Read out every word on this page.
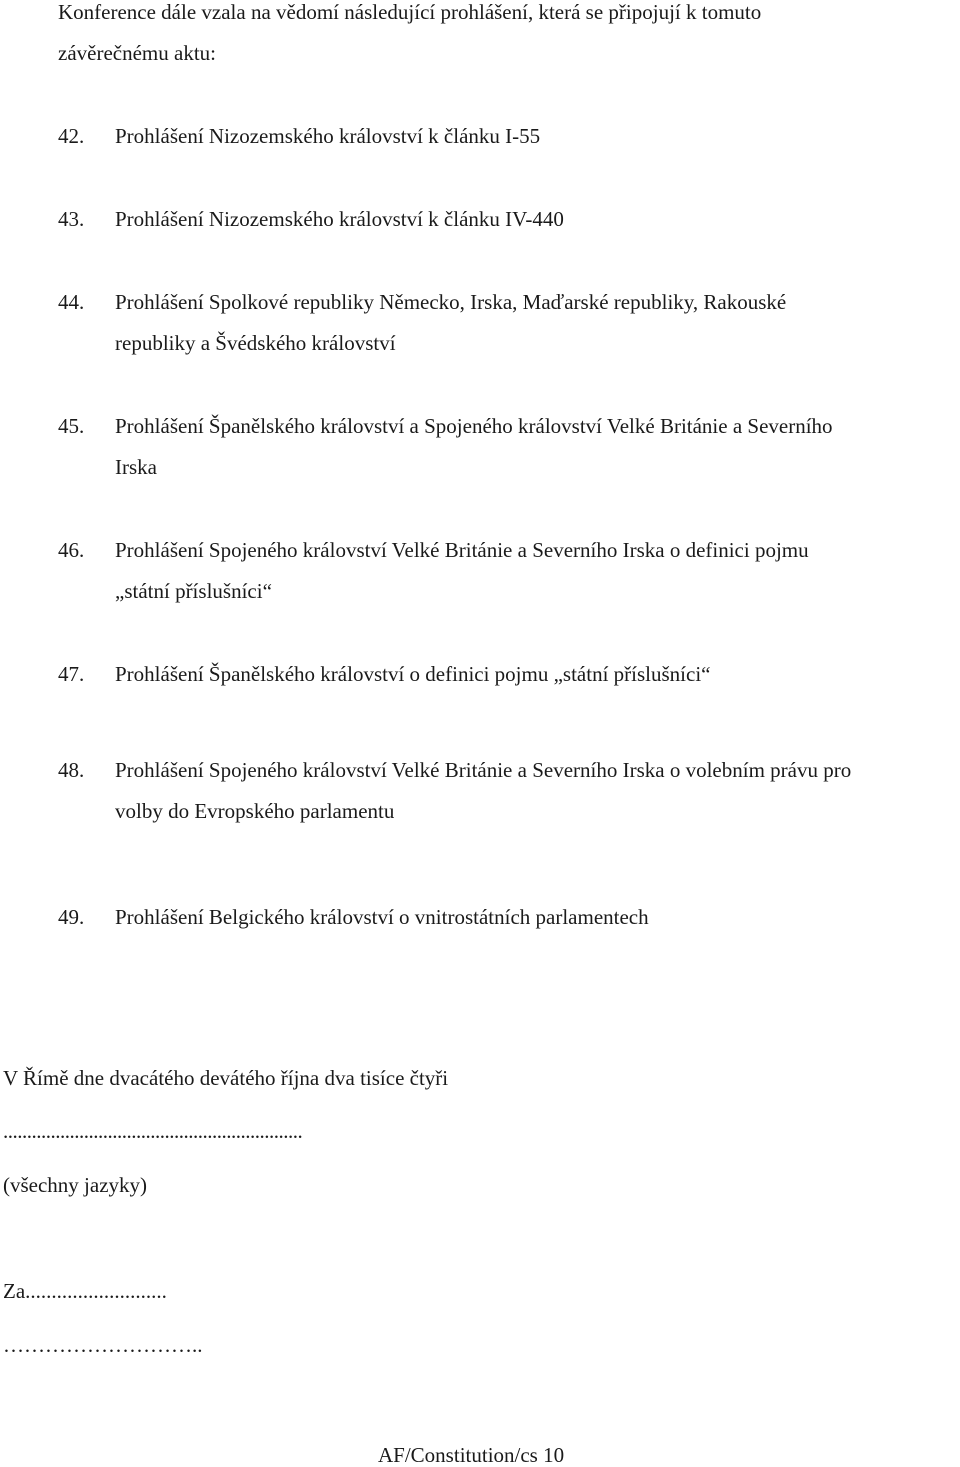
Konference dále vzala na vědomí následující prohlášení, která se připojují k tomuto
závěrečnému aktu:
42. Prohlášení Nizozemského království k článku I-55
43. Prohlášení Nizozemského království k článku IV-440
44. Prohlášení Spolkové republiky Německo, Irska, Maďarské republiky, Rakouské
republiky a Švédského království
45. Prohlášení Španělského království a Spojeného království Velké Británie a Severního
Irska
46. Prohlášení Spojeného království Velké Británie a Severního Irska o definici pojmu
„státní příslušníci“
47. Prohlášení Španělského království o definici pojmu „státní příslušníci“
48. Prohlášení Spojeného království Velké Británie a Severního Irska o volebním právu pro
volby do Evropského parlamentu
49. Prohlášení Belgického království o vnitrostátních parlamentech
V Římě dne dvacátého devátého října dva tisíce čtyři
...............................................................
(všechny jazyky)
Za...........................
………………………..
AF/Constitution/cs 10
